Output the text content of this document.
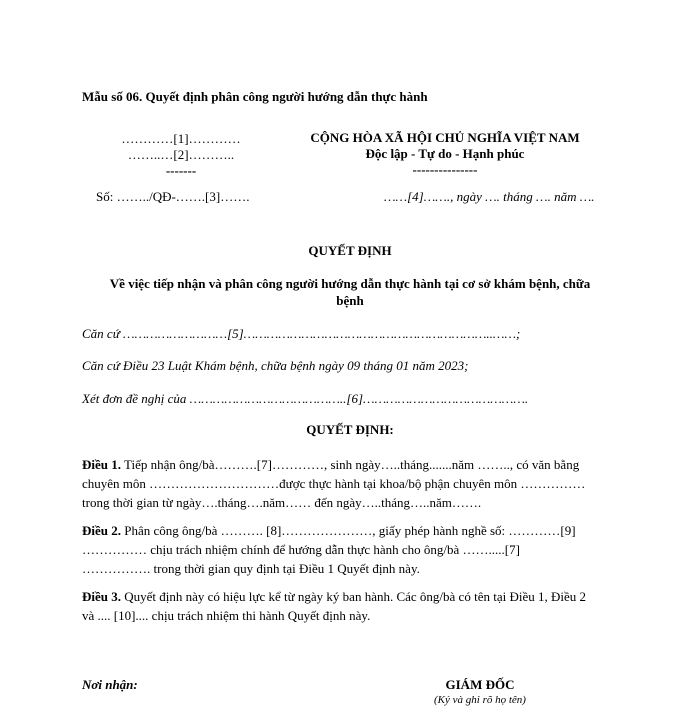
Mẫu số 06. Quyết định phân công người hướng dẫn thực hành
…………[1]…………
……..…[2]………..
-------
Số: ……../QĐ-…….[3]…….
CỘNG HÒA XÃ HỘI CHỦ NGHĨA VIỆT NAM
Độc lập - Tự do - Hạnh phúc
---------------
……[4]……., ngày …. tháng …. năm ….
QUYẾT ĐỊNH
Về việc tiếp nhận và phân công người hướng dẫn thực hành tại cơ sở khám bệnh, chữa
bệnh
Căn cứ ………………………[5]………………………………………………………..……;
Căn cứ Điều 23 Luật Khám bệnh, chữa bệnh ngày 09 tháng 01 năm 2023;
Xét đơn đề nghị của …………………………………..[6]…………………………………….
QUYẾT ĐỊNH:
Điều 1. Tiếp nhận ông/bà……….[7]…………, sinh ngày…..tháng.......năm …….., có văn bằng
chuyên môn …………………………được thực hành tại khoa/bộ phận chuyên môn ……………
trong thời gian từ ngày….tháng….năm…… đến ngày…..tháng…..năm…….
Điều 2. Phân công ông/bà ………. [8]…………………, giấy phép hành nghề số: …………[9]
…………… chịu trách nhiệm chính để hướng dẫn thực hành cho ông/bà …….....[7]
……………. trong thời gian quy định tại Điều 1 Quyết định này.
Điều 3. Quyết định này có hiệu lực kể từ ngày ký ban hành. Các ông/bà có tên tại Điều 1, Điều 2
và .... [10].... chịu trách nhiệm thi hành Quyết định này.
Nơi nhận:	GIÁM ĐỐC
(Ký và ghi rõ họ tên)
